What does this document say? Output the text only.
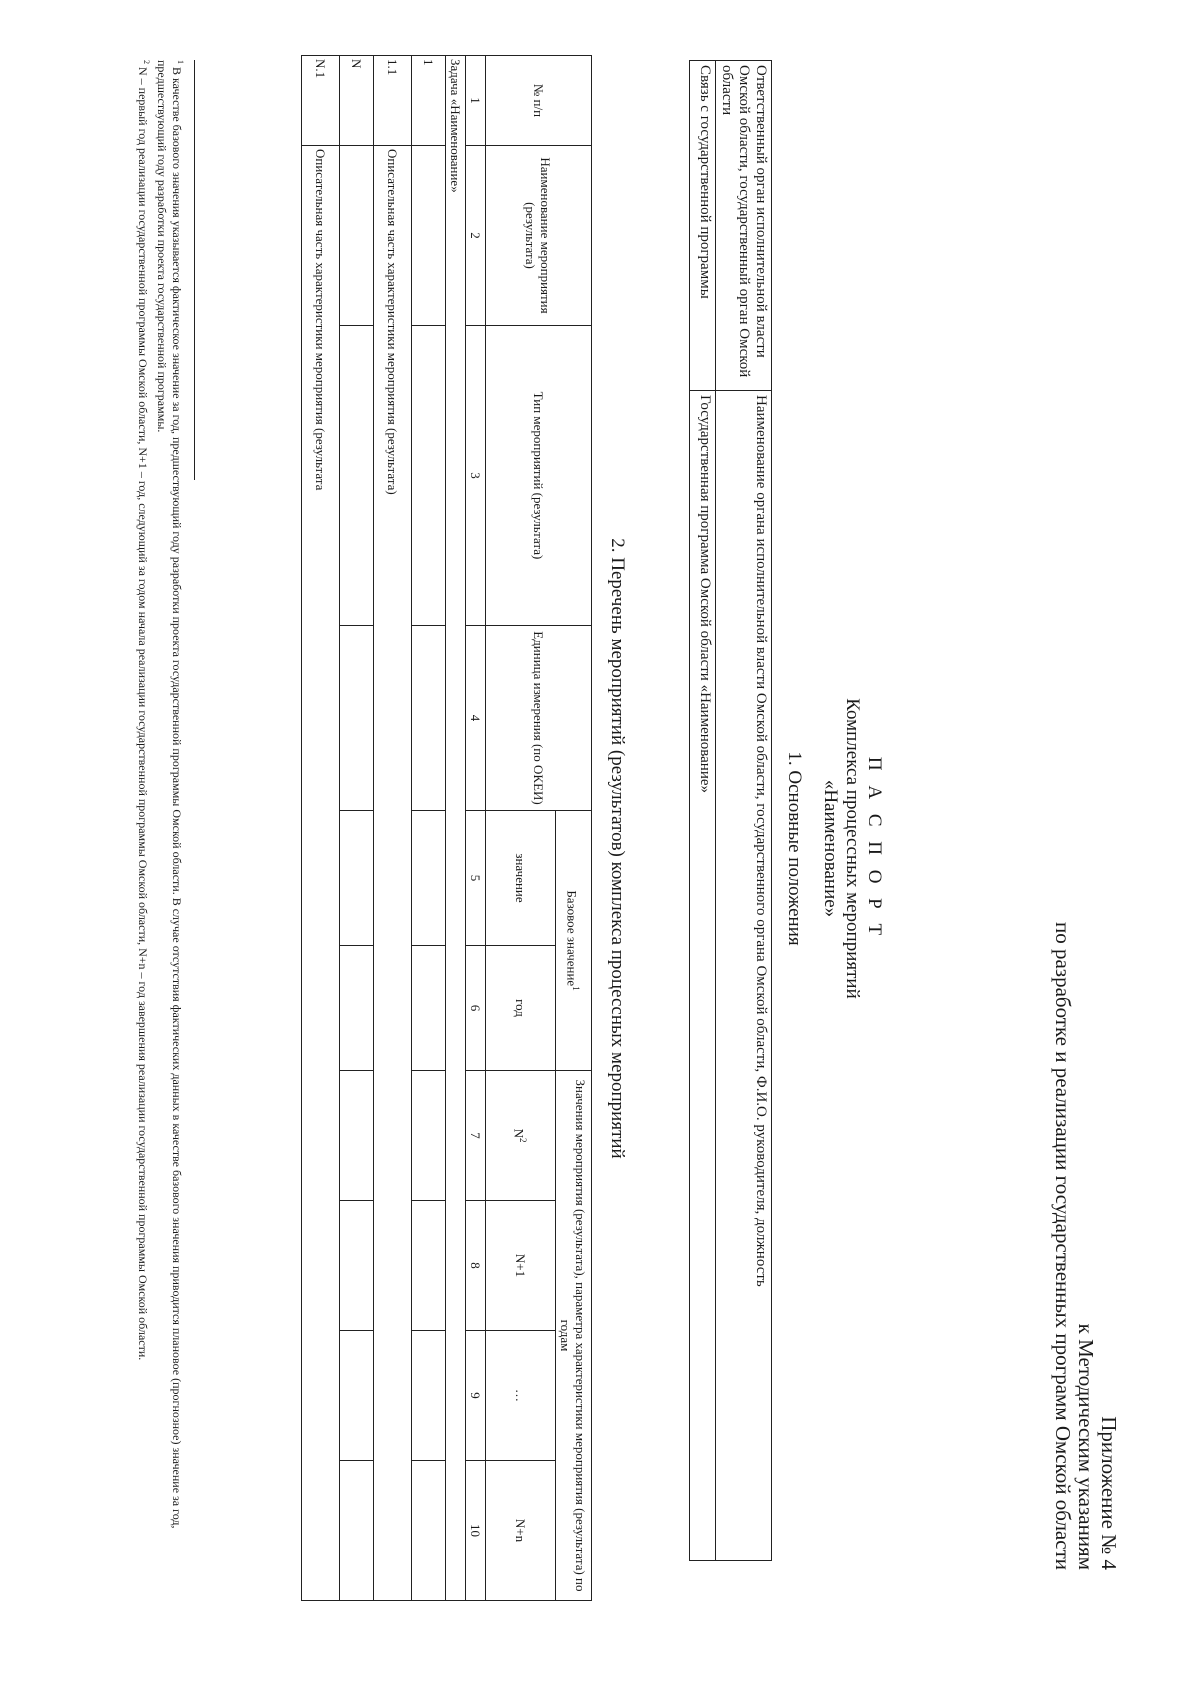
Приложение № 4
к Методическим указаниям
по разработке и реализации государственных программ Омской области
П А С П О Р Т
Комплекса процессных мероприятий
«Наименование»
1. Основные положения
Ответственный орган исполнительной власти Омской области, государственный орган Омской области	Наименование органа исполнительной власти Омской области, государственного органа Омской области, Ф.И.О. руководителя, должность
Связь с государственной программы	Государственная программа Омской области «Наименование»
2. Перечень мероприятий (результатов) комплекса процессных мероприятий
№ п/п	Наименование мероприятия (результата)	Тип мероприятий (результата)	Единица измерения (по ОКЕИ)	Базовое значение$^1$		Значения мероприятия (результата), параметра характеристики мероприятия (результата) по годам			
				значение	год	$N^2$	N+1	…	N+n
1	2	3	4	5	6	7	8	9	10
Задача «Наименование»									
1									
1.1	Описательная часть характеристики мероприятия (результата)								
N									
N.1	Описательная часть характеристики мероприятия (результата								

$^1$ В качестве базового значения указывается фактическое значение за год, предшествующий году разработки проекта государственной программы Омской области. В случае отсутствия фактических данных в качестве базового значения приводится плановое (прогнозное) значение за год, предшествующий году разработки проекта государственной программы.

$^2$ N – первый год реализации государственной программы Омской области, N+1 – год, следующий за годом начала реализации государственной программы Омской области, N+n – год завершения реализации государственной программы Омской области.
